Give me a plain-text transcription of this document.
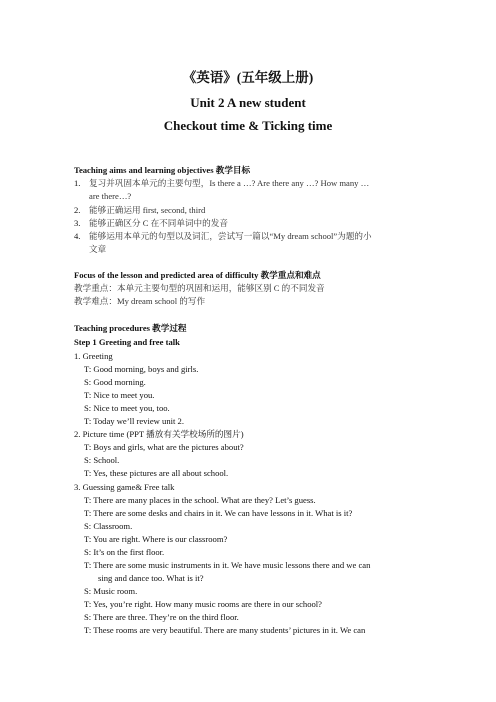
《英语》(五年级上册)
Unit 2 A new student
Checkout time & Ticking time
Teaching aims and learning objectives 教学目标
1. 复习并巩固本单元的主要句型，Is there a …? Are there any …? How many …
are there…?
2. 能够正确运用 first, second, third
3. 能够正确区分 C 在不同单词中的发音
4. 能够运用本单元的句型以及词汇，尝试写一篇以“My dream school”为题的小
文章
Focus of the lesson and predicted area of difficulty 教学重点和难点
教学重点：本单元主要句型的巩固和运用，能够区别 C 的不同发音
教学难点：My dream school 的写作
Teaching procedures 教学过程
Step 1 Greeting and free talk
1. Greeting
T: Good morning, boys and girls.
S: Good morning.
T: Nice to meet you.
S: Nice to meet you, too.
T: Today we’ll review unit 2.
2. Picture time (PPT 播放有关学校场所的图片)
T: Boys and girls, what are the pictures about?
S: School.
T: Yes, these pictures are all about school.
3. Guessing game& Free talk
T: There are many places in the school. What are they? Let’s guess.
T: There are some desks and chairs in it. We can have lessons in it. What is it?
S: Classroom.
T: You are right. Where is our classroom?
S: It’s on the first floor.
T: There are some music instruments in it. We have music lessons there and we can
sing and dance too. What is it?
S: Music room.
T: Yes, you’re right. How many music rooms are there in our school?
S: There are three. They’re on the third floor.
T: These rooms are very beautiful. There are many students’ pictures in it. We can
